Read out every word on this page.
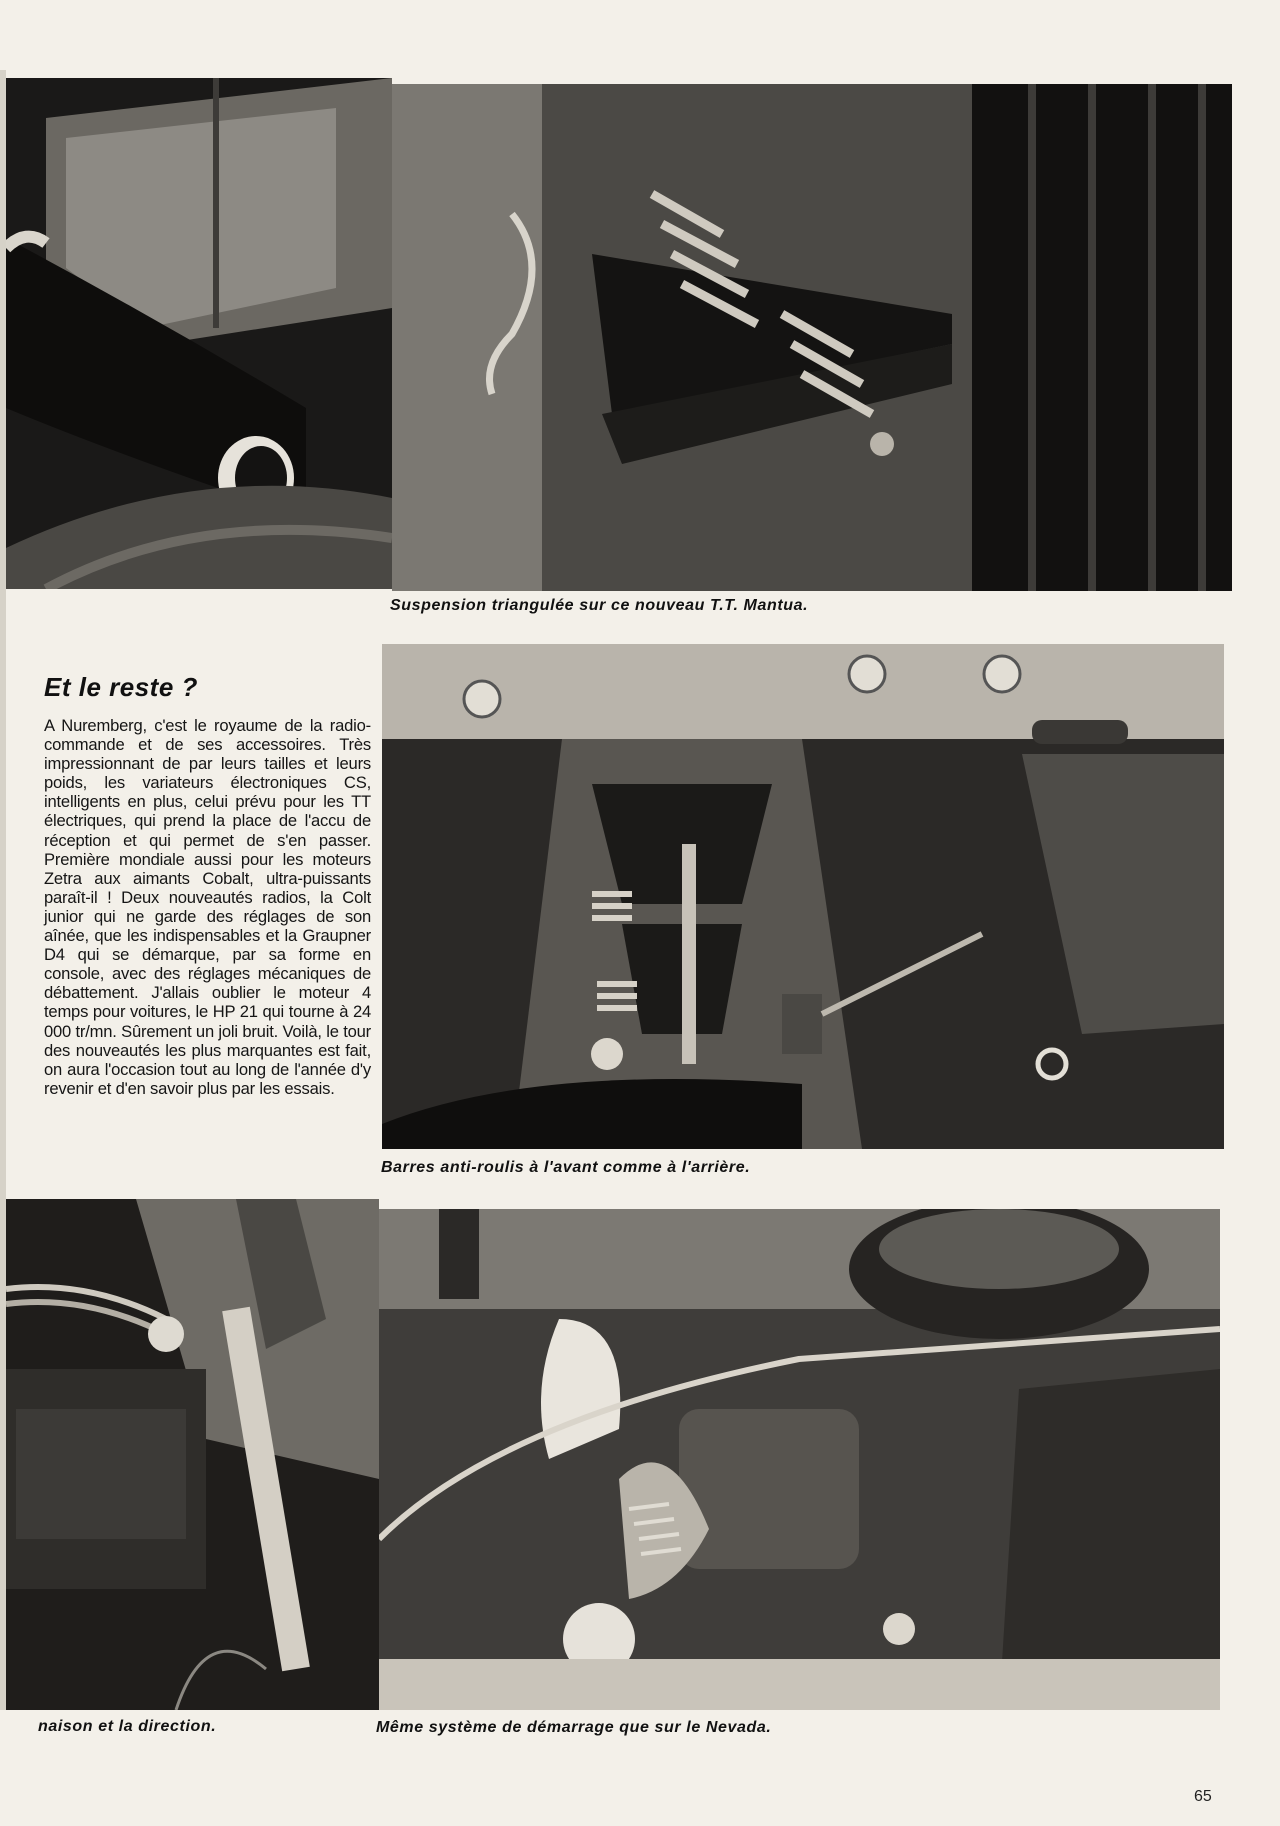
Suspension triangulée sur ce nouveau T.T. Mantua.
Barres anti-roulis à l'avant comme à l'arrière.
Et le reste ?

A Nuremberg, c'est le royaume de la radio-commande et de ses accessoires. Très impressionnant de par leurs tailles et leurs poids, les variateurs électroniques CS, intelligents en plus, celui prévu pour les TT électriques, qui prend la place de l'accu de réception et qui permet de s'en passer. Première mondiale aussi pour les moteurs Zetra aux aimants Cobalt, ultra-puissants paraît-il ! Deux nouveautés radios, la Colt junior qui ne garde des réglages de son aînée, que les indispensables et la Graupner D4 qui se démarque, par sa forme en console, avec des réglages mécaniques de débattement. J'allais oublier le moteur 4 temps pour voitures, le HP 21 qui tourne à 24 000 tr/mn. Sûrement un joli bruit. Voilà, le tour des nouveautés les plus marquantes est fait, on aura l'occasion tout au long de l'année d'y revenir et d'en savoir plus par les essais.

naison et la direction.	Même système de démarrage que sur le Nevada.
65
